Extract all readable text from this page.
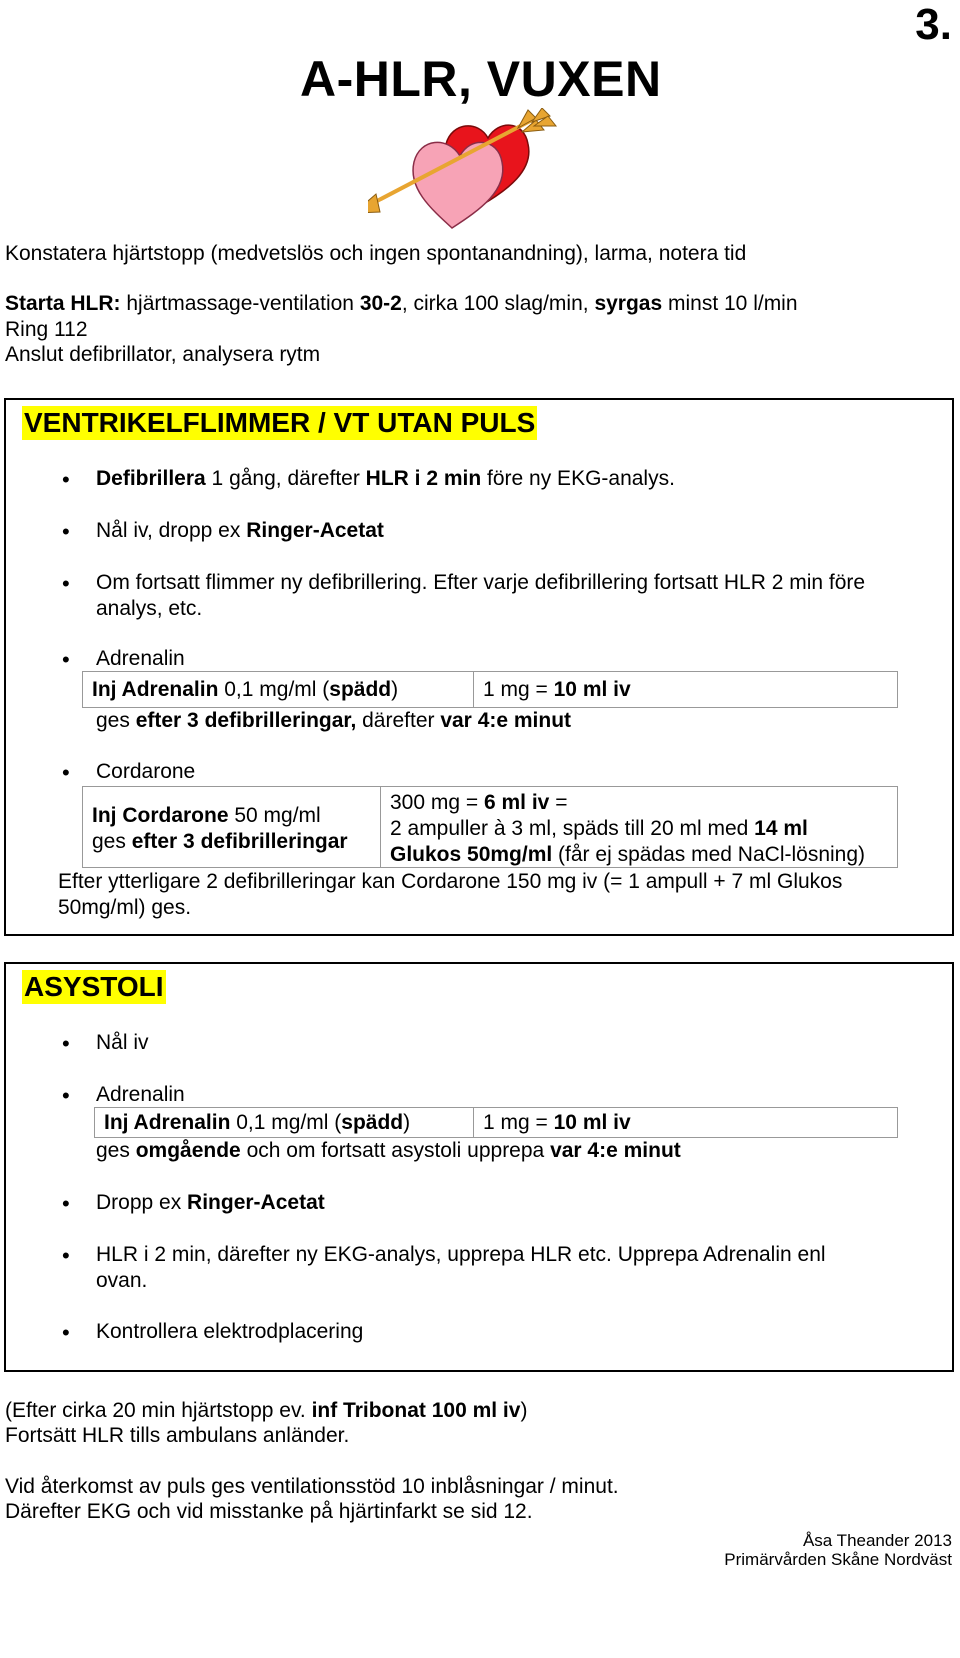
3.
A-HLR, VUXEN
Konstatera hjärtstopp (medvetslös och ingen spontanandning), larma, notera tid
Starta HLR: hjärtmassage-ventilation 30-2, cirka 100 slag/min, syrgas minst 10 l/min
Ring 112
Anslut defibrillator, analysera rytm
VENTRIKELFLIMMER / VT UTAN PULS
• Defibrillera 1 gång, därefter HLR i 2 min före ny EKG-analys.
• Nål iv, dropp ex Ringer-Acetat
• Om fortsatt flimmer ny defibrillering. Efter varje defibrillering fortsatt HLR 2 min före
analys, etc.
• Adrenalin
Inj Adrenalin 0,1 mg/ml (spädd)	1 mg = 10 ml iv
ges efter 3 defibrilleringar, därefter var 4:e minut
• Cordarone
Inj Cordarone 50 mg/ml
ges efter 3 defibrilleringar
300 mg = 6 ml iv =
2 ampuller à 3 ml, späds till 20 ml med 14 ml
Glukos 50mg/ml (får ej spädas med NaCl-lösning)
Efter ytterligare 2 defibrilleringar kan Cordarone 150 mg iv (= 1 ampull + 7 ml Glukos
50mg/ml) ges.
ASYSTOLI
• Nål iv
• Adrenalin
Inj Adrenalin 0,1 mg/ml (spädd)	1 mg = 10 ml iv
ges omgående och om fortsatt asystoli upprepa var 4:e minut
• Dropp ex Ringer-Acetat
• HLR i 2 min, därefter ny EKG-analys, upprepa HLR etc. Upprepa Adrenalin enl
ovan.
• Kontrollera elektrodplacering
(Efter cirka 20 min hjärtstopp ev. inf Tribonat 100 ml iv)
Fortsätt HLR tills ambulans anländer.
Vid återkomst av puls ges ventilationsstöd 10 inblåsningar / minut.
Därefter EKG och vid misstanke på hjärtinfarkt se sid 12.
Åsa Theander 2013
Primärvården Skåne Nordväst
